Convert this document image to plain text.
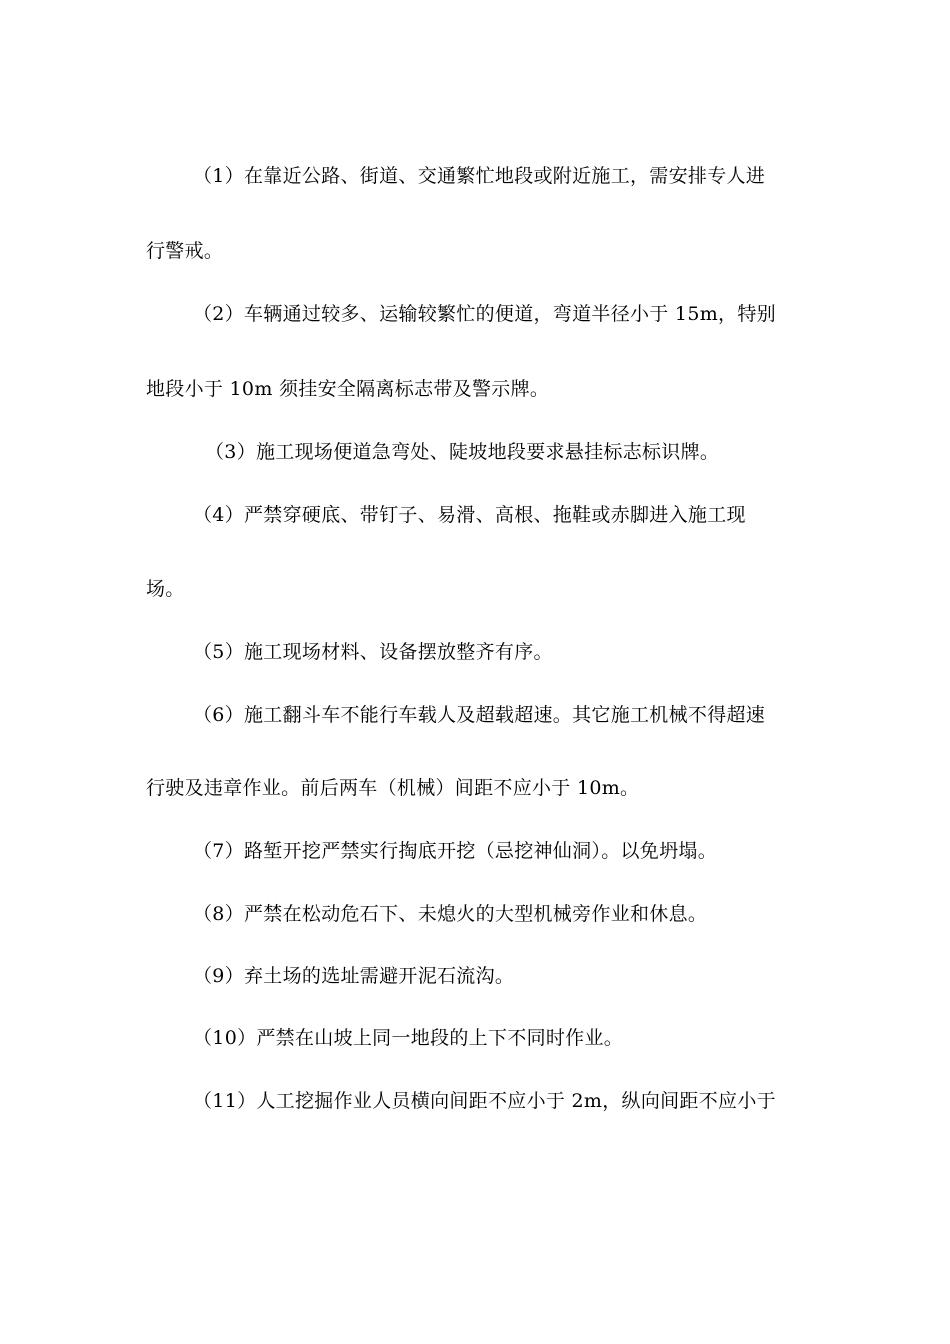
（1）在靠近公路、街道、交通繁忙地段或附近施工，需安排专人进
行警戒。
（2）车辆通过较多、运输较繁忙的便道，弯道半径小于 15m，特别
地段小于 10m 须挂安全隔离标志带及警示牌。
（3）施工现场便道急弯处、陡坡地段要求悬挂标志标识牌。
（4）严禁穿硬底、带钉子、易滑、高根、拖鞋或赤脚进入施工现
场。
（5）施工现场材料、设备摆放整齐有序。
（6）施工翻斗车不能行车载人及超载超速。其它施工机械不得超速
行驶及违章作业。前后两车（机械）间距不应小于 10m。
（7）路堑开挖严禁实行掏底开挖（忌挖神仙洞）。以免坍塌。
（8）严禁在松动危石下、未熄火的大型机械旁作业和休息。
（9）弃土场的选址需避开泥石流沟。
（10）严禁在山坡上同一地段的上下不同时作业。
（11）人工挖掘作业人员横向间距不应小于 2m，纵向间距不应小于
